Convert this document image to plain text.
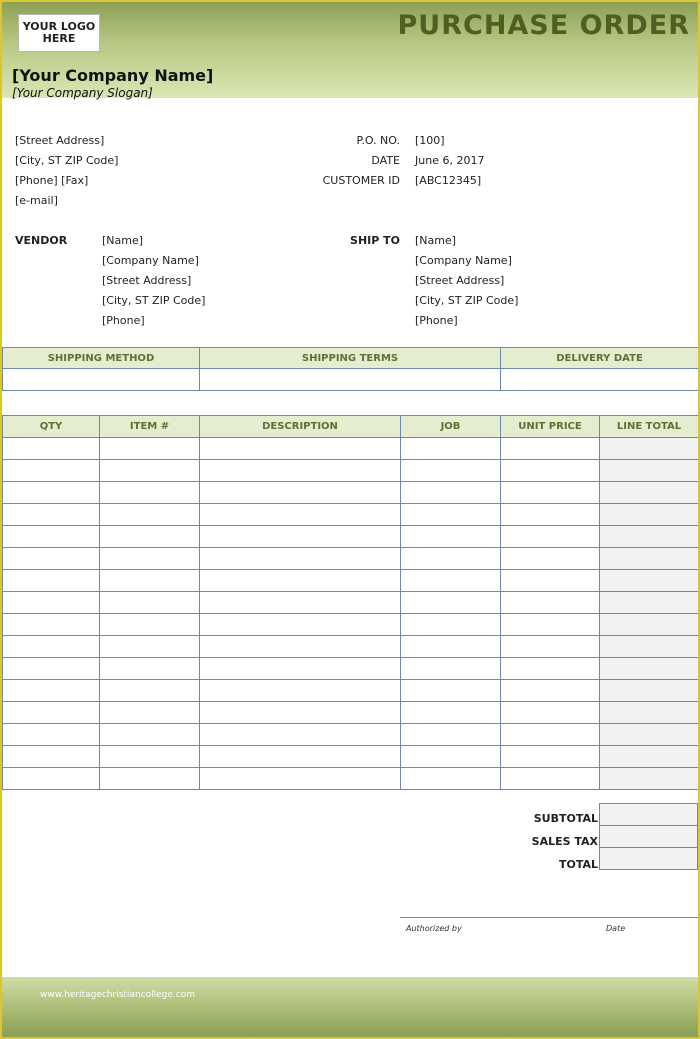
YOUR LOGO HERE	PURCHASE ORDER
[Your Company Name]
[Your Company Slogan]
[Street Address]
[City, ST ZIP Code]
[Phone] [Fax]
[e-mail]
P.O. NO. [100]
DATE June 6, 2017
CUSTOMER ID [ABC12345]
VENDOR	[Name]
[Company Name]
[Street Address]
[City, ST ZIP Code]
[Phone]
SHIP TO [Name]
[Company Name]
[Street Address]
[City, ST ZIP Code]
[Phone]
SHIPPING METHOD	SHIPPING TERMS	DELIVERY DATE

QTY	ITEM #	DESCRIPTION	JOB	UNIT PRICE	LINE TOTAL

SUBTOTAL
SALES TAX
TOTAL

Authorized by	Date
www.heritagechristiancollege.com
